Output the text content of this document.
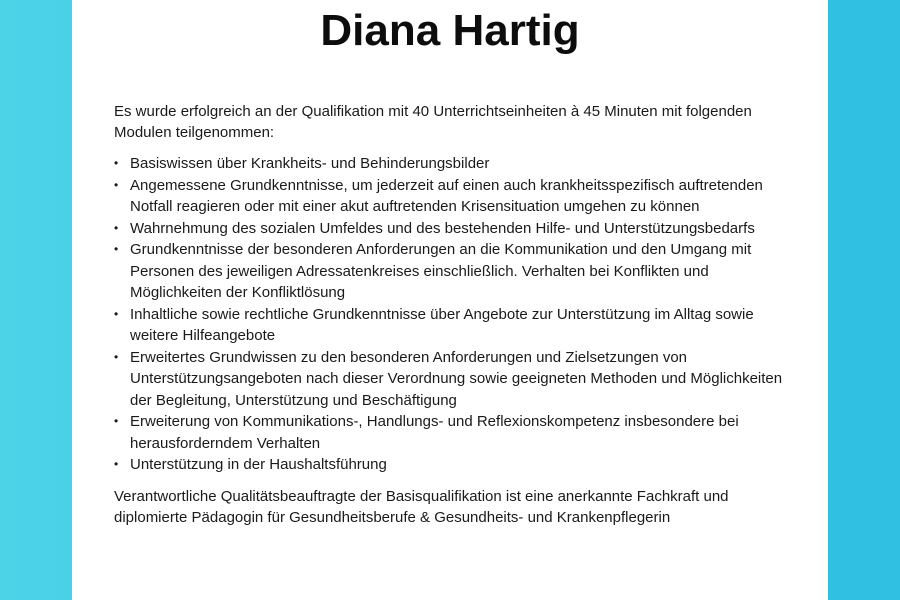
Diana Hartig

Es wurde erfolgreich an der Qualifikation mit 40 Unterrichtseinheiten à 45 Minuten mit folgenden Modulen teilgenommen:

• Basiswissen über Krankheits- und Behinderungsbilder
• Angemessene Grundkenntnisse, um jederzeit auf einen auch krankheitsspezifisch auftretenden Notfall reagieren oder mit einer akut auftretenden Krisensituation umgehen zu können
• Wahrnehmung des sozialen Umfeldes und des bestehenden Hilfe- und Unterstützungsbedarfs
• Grundkenntnisse der besonderen Anforderungen an die Kommunikation und den Umgang mit Personen des jeweiligen Adressatenkreises einschließlich. Verhalten bei Konflikten und Möglichkeiten der Konfliktlösung
• Inhaltliche sowie rechtliche Grundkenntnisse über Angebote zur Unterstützung im Alltag sowie weitere Hilfeangebote
• Erweitertes Grundwissen zu den besonderen Anforderungen und Zielsetzungen von Unterstützungsangeboten nach dieser Verordnung sowie geeigneten Methoden und Möglichkeiten der Begleitung, Unterstützung und Beschäftigung
• Erweiterung von Kommunikations-, Handlungs- und Reflexionskompetenz insbesondere bei herausforderndem Verhalten
• Unterstützung in der Haushaltsführung

Verantwortliche Qualitätsbeauftragte der Basisqualifikation ist eine anerkannte Fachkraft und diplomierte Pädagogin für Gesundheitsberufe & Gesundheits- und Krankenpflegerin
